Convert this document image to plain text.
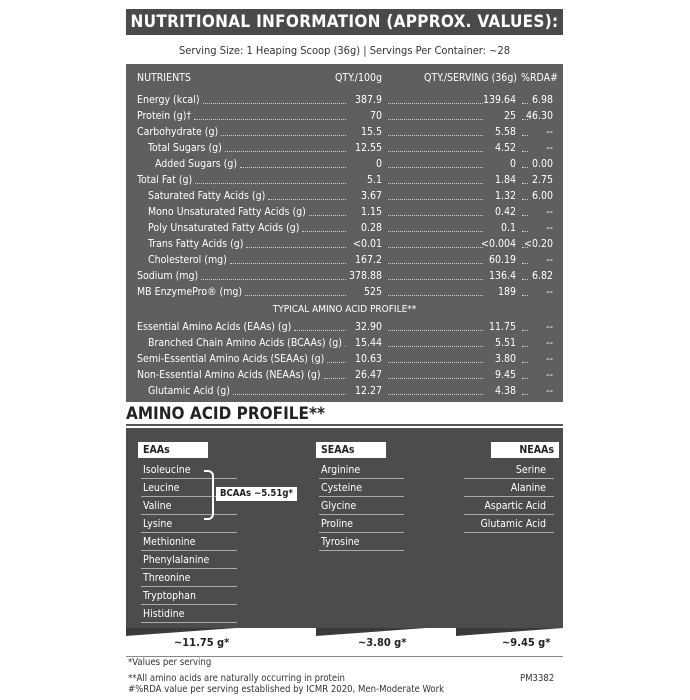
NUTRITIONAL INFORMATION (APPROX. VALUES):
Serving Size: 1 Heaping Scoop (36g) | Servings Per Container: ~28
NUTRIENTS	QTY./100g	QTY./SERVING (36g) %RDA#
Energy (kcal)	387.9	139.64	6.98
Protein (g)†	70	25 46.30
Carbohydrate (g)	15.5	5.58	--
Total Sugars (g)	12.55	4.52	--
Added Sugars (g)	0	0	0.00
Total Fat (g)	5.1	1.84	2.75
Saturated Fatty Acids (g)	3.67	1.32	6.00
Mono Unsaturated Fatty Acids (g)	1.15	0.42	--
Poly Unsaturated Fatty Acids (g)	0.28	0.1	--
Trans Fatty Acids (g)	<0.01	<0.004 <0.20
Cholesterol (mg)	167.2	60.19	--
Sodium (mg)	378.88	136.4	6.82
MB EnzymePro® (mg)	525	189	--
TYPICAL AMINO ACID PROFILE**
Essential Amino Acids (EAAs) (g)	32.90	11.75	--
Branched Chain Amino Acids (BCAAs) (g)	15.44	5.51	--
Semi-Essential Amino Acids (SEAAs) (g)	10.63	3.80	--
Non-Essential Amino Acids (NEAAs) (g)	26.47	9.45	--
Glutamic Acid (g)	12.27	4.38	--
AMINO ACID PROFILE**
EAAs	SEAAs	NEAAs
Isoleucine
Leucine
Valine
Lysine
Methionine
Phenylalanine
Threonine
Tryptophan
Histidine
BCAAs ~5.51g*
Arginine
Cysteine
Glycine
Proline
Tyrosine
Serine
Alanine
Aspartic Acid
Glutamic Acid
~11.75 g*	~3.80 g*	~9.45 g*
*Values per serving
**All amino acids are naturally occurring in protein
#%RDA value per serving established by ICMR 2020, Men-Moderate Work
PM3382
